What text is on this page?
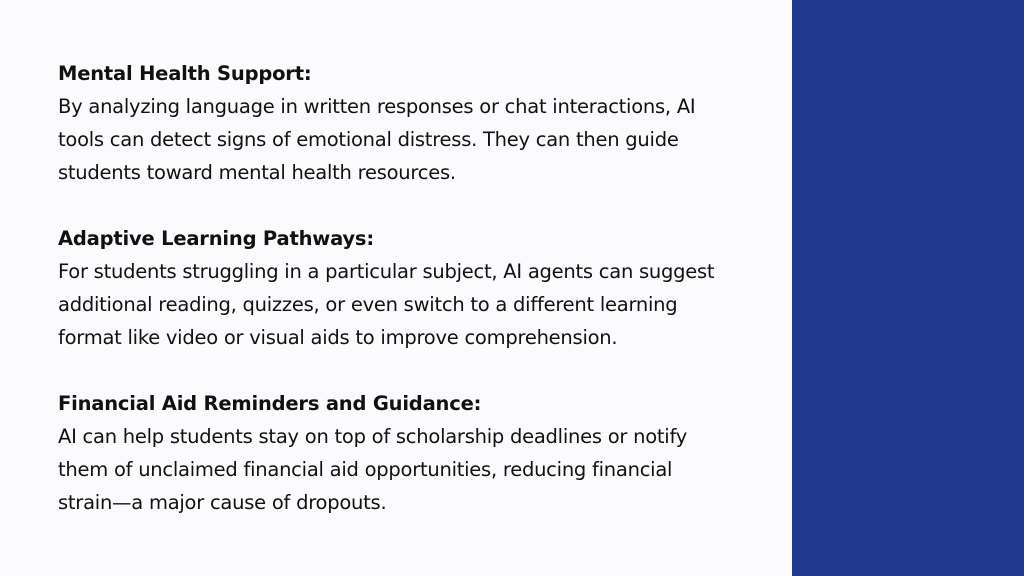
Mental Health Support:

By analyzing language in written responses or chat interactions, AI
tools can detect signs of emotional distress. They can then guide
students toward mental health resources.

Adaptive Learning Pathways:

For students struggling in a particular subject, AI agents can suggest
additional reading, quizzes, or even switch to a different learning
format like video or visual aids to improve comprehension.

Financial Aid Reminders and Guidance:

AI can help students stay on top of scholarship deadlines or notify
them of unclaimed financial aid opportunities, reducing financial
strain—a major cause of dropouts.
